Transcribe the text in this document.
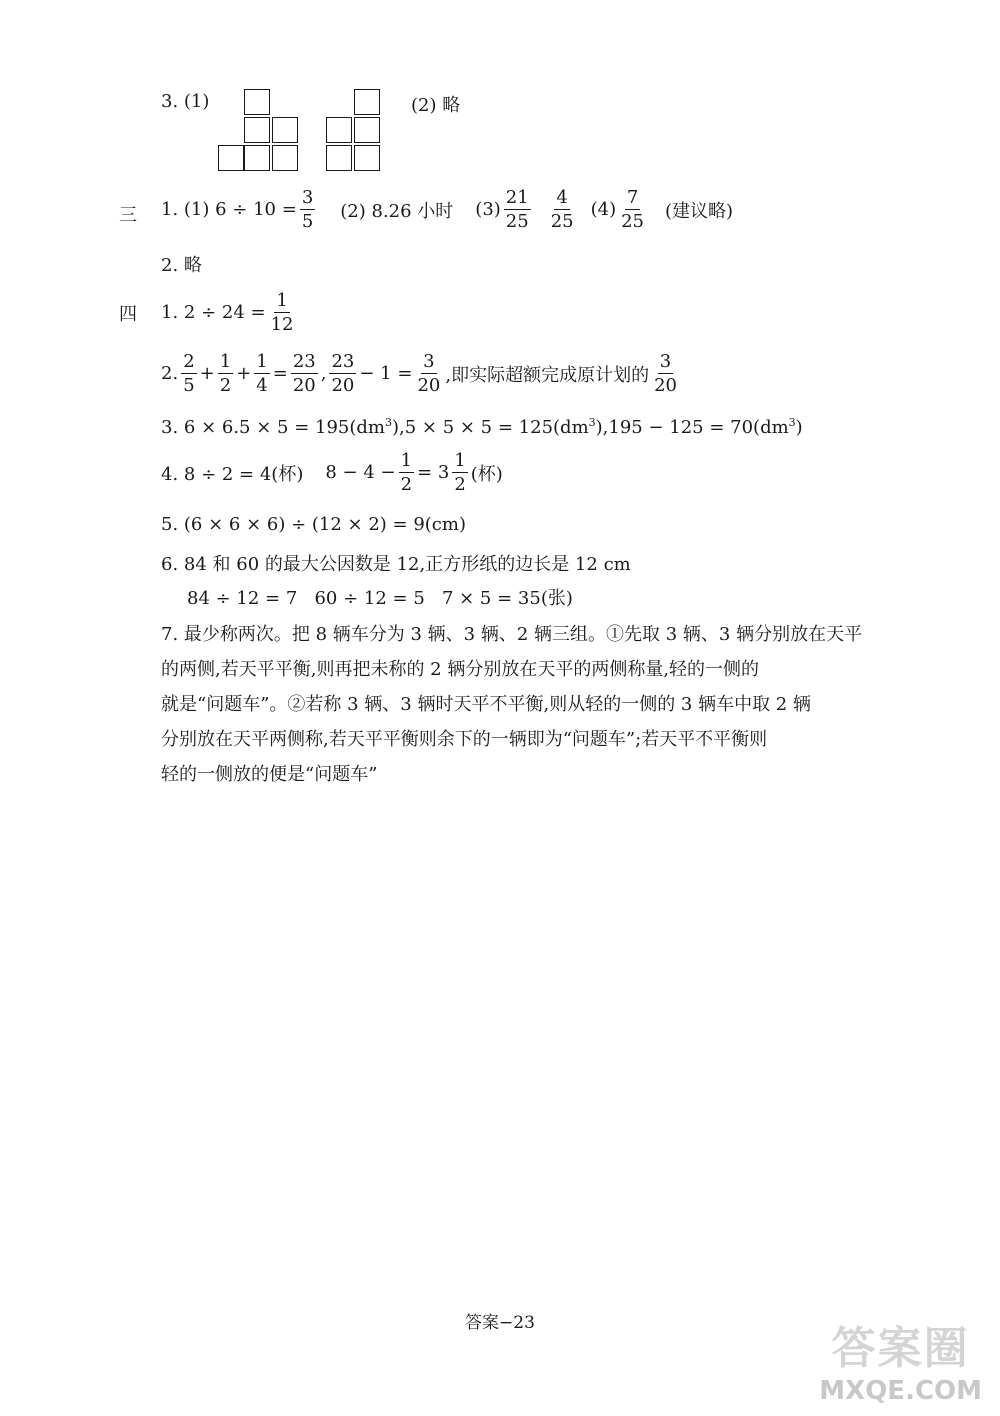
3. (1)	(2) 略
三 1. (1) $6 \div 10 = \frac{3}{5} (2)$ 8.26 小时 $(3) \frac{21}{25} \frac{4}{25} (4) \frac{7}{25}$ (建议略)
2. 略
四 1. $2 \div 24 = \frac{1}{12}$
2. $\frac{2}{5} + \frac{1}{2} + \frac{1}{4} = \frac{23}{20}$ , $\frac{23}{20} - 1 = \frac{3}{20}$ ,即实际超额完成原计划的 $\frac{3}{20}$
3. $6 \times 6.5 \times 5 = 195(dm^3),5 \times 5 \times 5 = 125(dm^3),195 - 125 = 70(dm^3)$
4. 8 ÷ 2 = 4(杯) $8 - 4 - \frac{1}{2} = 3 \frac{1}{2}$ (杯)
5. (6 × 6 × 6) ÷ (12 × 2) = 9(cm)
6. 84 和 60 的最大公因数是 12,正方形纸的边长是 12 cm
84 ÷ 12 = 7   60 ÷ 12 = 5   7 × 5 = 35(张)

7. 最少称两次。把 8 辆车分为 3 辆、3 辆、2 辆三组。①先取 3 辆、3 辆分别放在天平

的两侧,若天平平衡,则再把未称的 2 辆分别放在天平的两侧称量,轻的一侧的

就是“问题车”。②若称 3 辆、3 辆时天平不平衡,则从轻的一侧的 3 辆车中取 2 辆

分别放在天平两侧称,若天平平衡则余下的一辆即为“问题车”;若天平不平衡则

轻的一侧放的便是“问题车”

答案−23	答案圈
MXQE.COM
